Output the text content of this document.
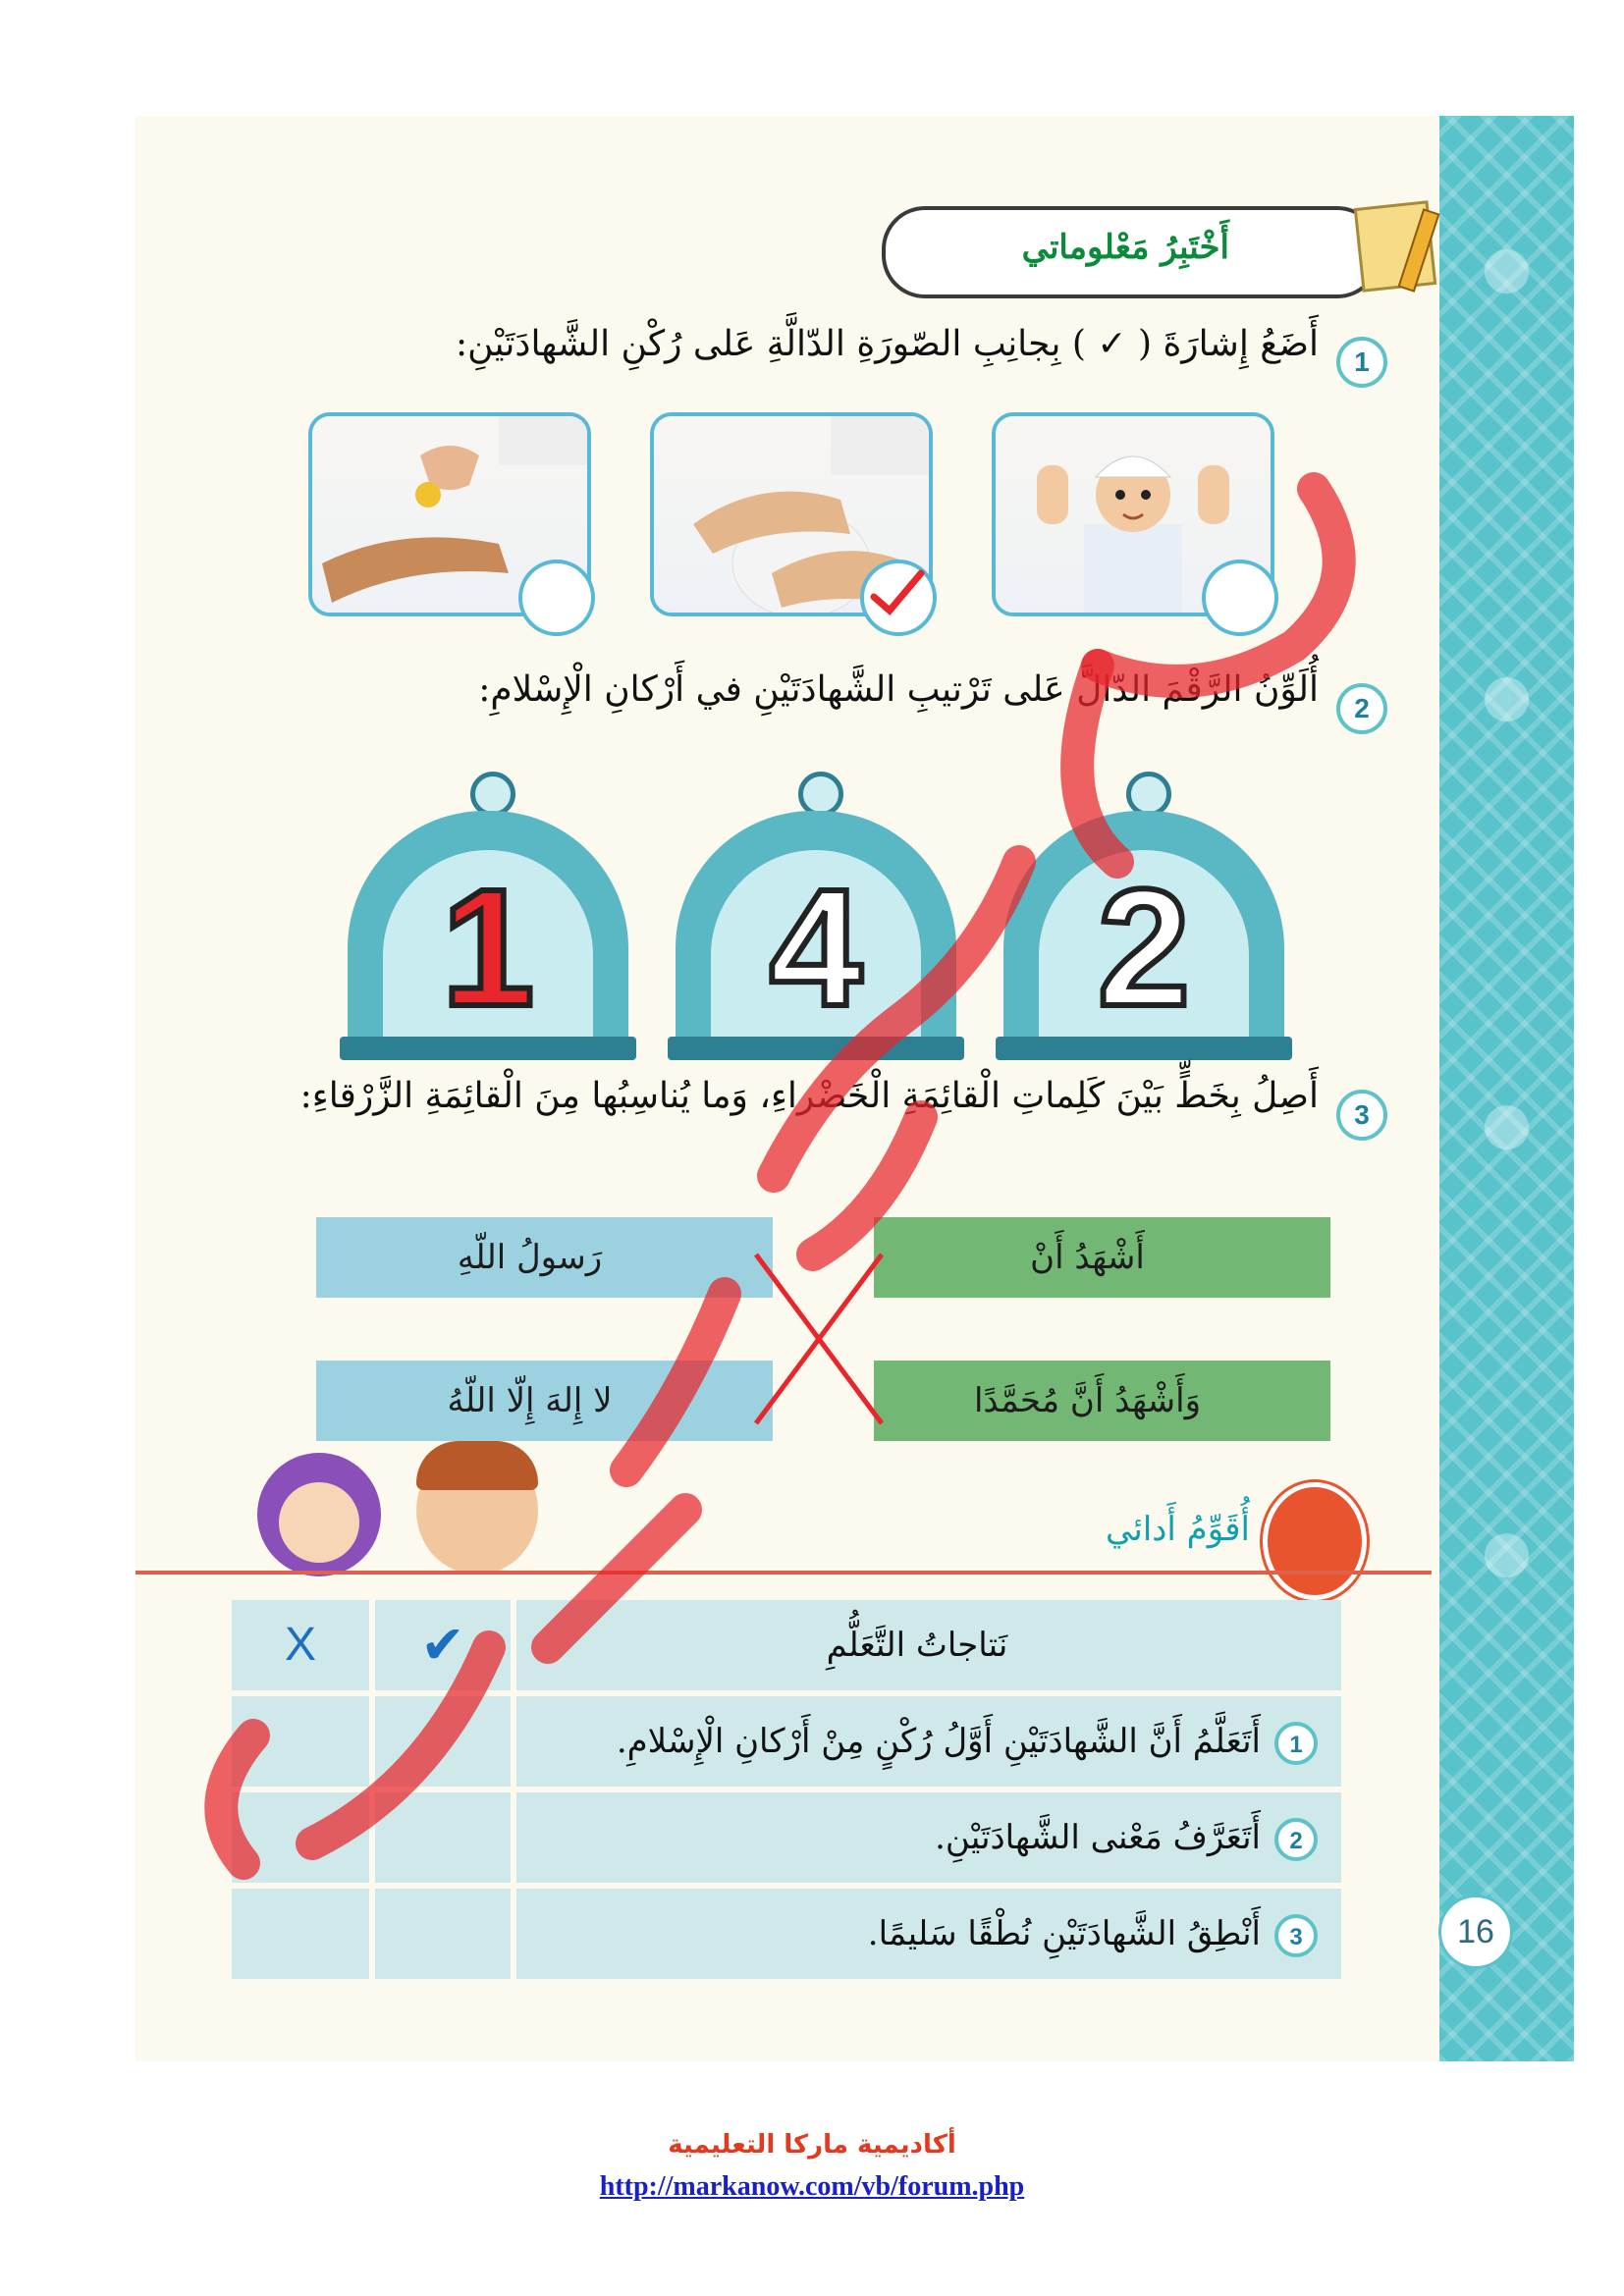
16
أَخْتَبِرُ مَعْلوماتي
1
أَضَعُ إِشارَةَ ( ✓ ) بِجانِبِ الصّورَةِ الدّالَّةِ عَلى رُكْنِ الشَّهادَتَيْنِ:
2
أُلَوِّنُ الرَّقْمَ الدّالَّ عَلى تَرْتيبِ الشَّهادَتَيْنِ في أَرْكانِ الْإِسْلامِ:
2
4
1
3
أَصِلُ بِخَطٍّ بَيْنَ كَلِماتِ الْقائِمَةِ الْخَضْراءِ، وَما يُناسِبُها مِنَ الْقائِمَةِ الزَّرْقاءِ:
أَشْهَدُ أَنْ
وَأَشْهَدُ أَنَّ مُحَمَّدًا
رَسولُ اللّهِ
لا إِلهَ إِلّا اللّهُ
أُقَوِّمُ أَدائي
نَتاجاتُ التَّعَلُّمِ
✔
X
1أَتَعَلَّمُ أَنَّ الشَّهادَتَيْنِ أَوَّلُ رُكْنٍ مِنْ أَرْكانِ الْإِسْلامِ.
2أَتَعَرَّفُ مَعْنى الشَّهادَتَيْنِ.
3أَنْطِقُ الشَّهادَتَيْنِ نُطْقًا سَليمًا.
أكاديمية ماركا التعليمية
http://markanow.com/vb/forum.php
